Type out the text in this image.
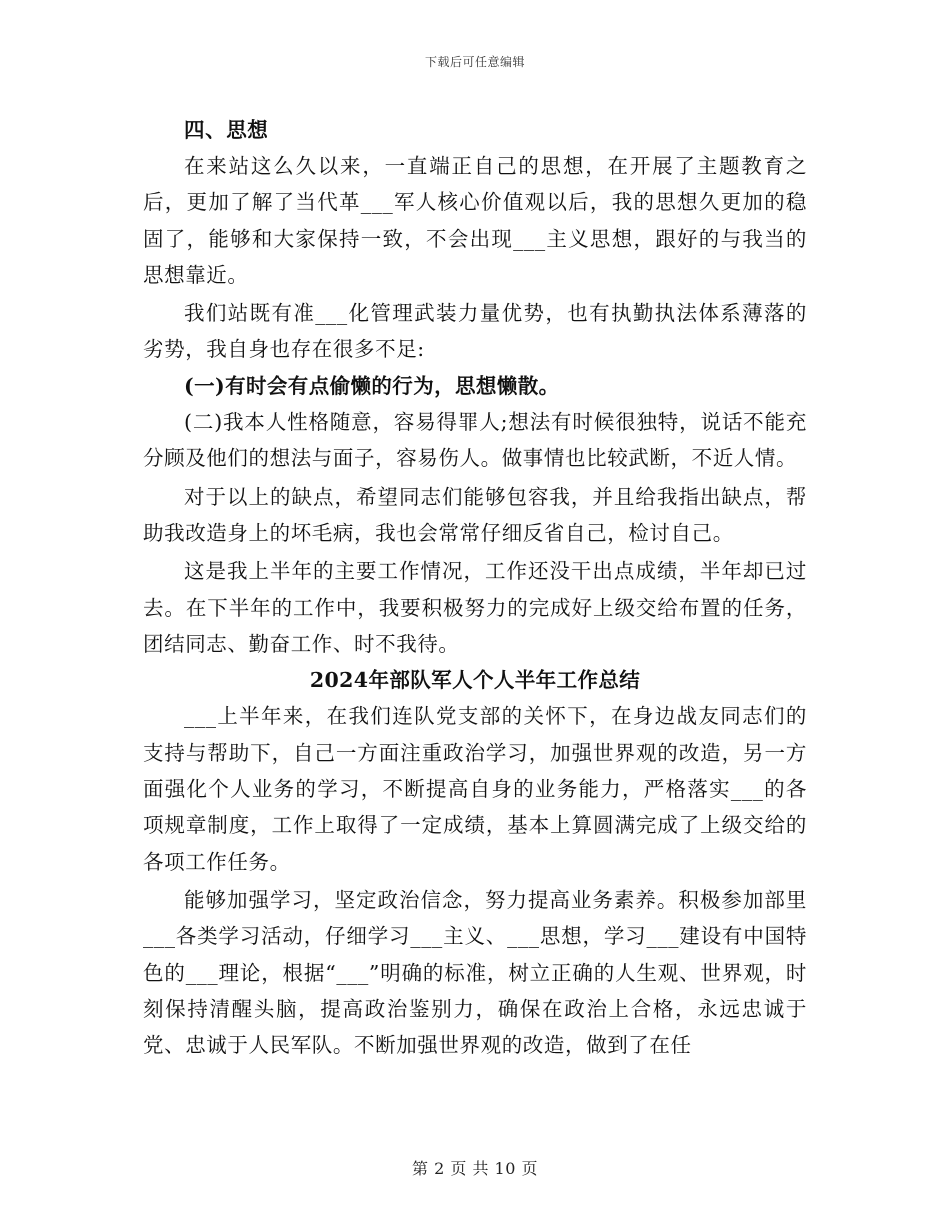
下载后可任意编辑

四、思想

在来站这么久以来，一直端正自己的思想，在开展了主题教育之后，更加了解了当代革___军人核心价值观以后，我的思想久更加的稳固了，能够和大家保持一致，不会出现___主义思想，跟好的与我当的思想靠近。

我们站既有准___化管理武装力量优势，也有执勤执法体系薄落的劣势，我自身也存在很多不足:

(一)有时会有点偷懒的行为，思想懒散。

(二)我本人性格随意，容易得罪人;想法有时候很独特，说话不能充分顾及他们的想法与面子，容易伤人。做事情也比较武断，不近人情。

对于以上的缺点，希望同志们能够包容我，并且给我指出缺点，帮助我改造身上的坏毛病，我也会常常仔细反省自己，检讨自己。

这是我上半年的主要工作情况，工作还没干出点成绩，半年却已过去。在下半年的工作中，我要积极努力的完成好上级交给布置的任务，团结同志、勤奋工作、时不我待。

2024年部队军人个人半年工作总结

___上半年来，在我们连队党支部的关怀下，在身边战友同志们的支持与帮助下，自己一方面注重政治学习，加强世界观的改造，另一方面强化个人业务的学习，不断提高自身的业务能力，严格落实___的各项规章制度，工作上取得了一定成绩，基本上算圆满完成了上级交给的各项工作任务。

能够加强学习，坚定政治信念，努力提高业务素养。积极参加部里___各类学习活动，仔细学习___主义、___思想，学习___建设有中国特色的___理论，根据“___”明确的标准，树立正确的人生观、世界观，时刻保持清醒头脑，提高政治鉴别力，确保在政治上合格，永远忠诚于党、忠诚于人民军队。不断加强世界观的改造，做到了在任

第 2 页 共 10 页
